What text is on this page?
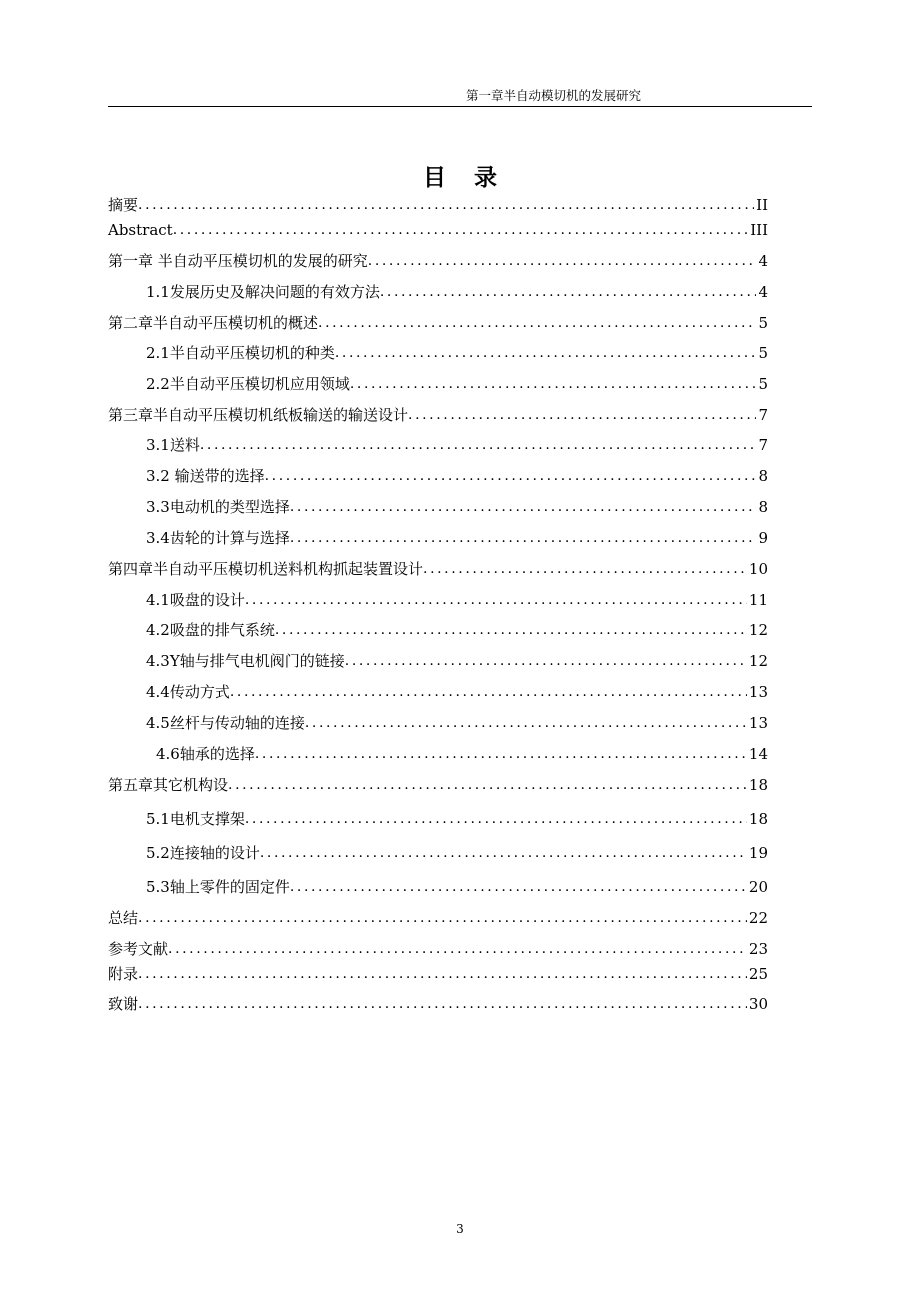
第一章半自动模切机的发展研究
目 录
摘要 .....	II
Abstract .....	III
第一章 半自动平压模切机的发展的研究 .....	4
1.1发展历史及解决问题的有效方法 .....	4
第二章半自动平压模切机的概述 .....	5
2.1半自动平压模切机的种类 .....	5
2.2半自动平压模切机应用领域 .....	5
第三章半自动平压模切机纸板输送的输送设计 .....	7
3.1送料 .....	7
3.2 输送带的选择 .....	8
3.3电动机的类型选择 .....	8
3.4齿轮的计算与选择 .....	9
第四章半自动平压模切机送料机构抓起装置设计 .....	10
4.1吸盘的设计 .....	11
4.2吸盘的排气系统 .....	12
4.3Y轴与排气电机阀门的链接 .....	12
4.4传动方式 .....	13
4.5丝杆与传动轴的连接 .....	13
4.6轴承的选择 .....	14
第五章其它机构设 .....	18
5.1电机支撑架 .....	18
5.2连接轴的设计 .....	19
5.3轴上零件的固定件 .....	20
总结 .....	22
参考文献 .....	23
附录 .....	25
致谢 .....	30
3
